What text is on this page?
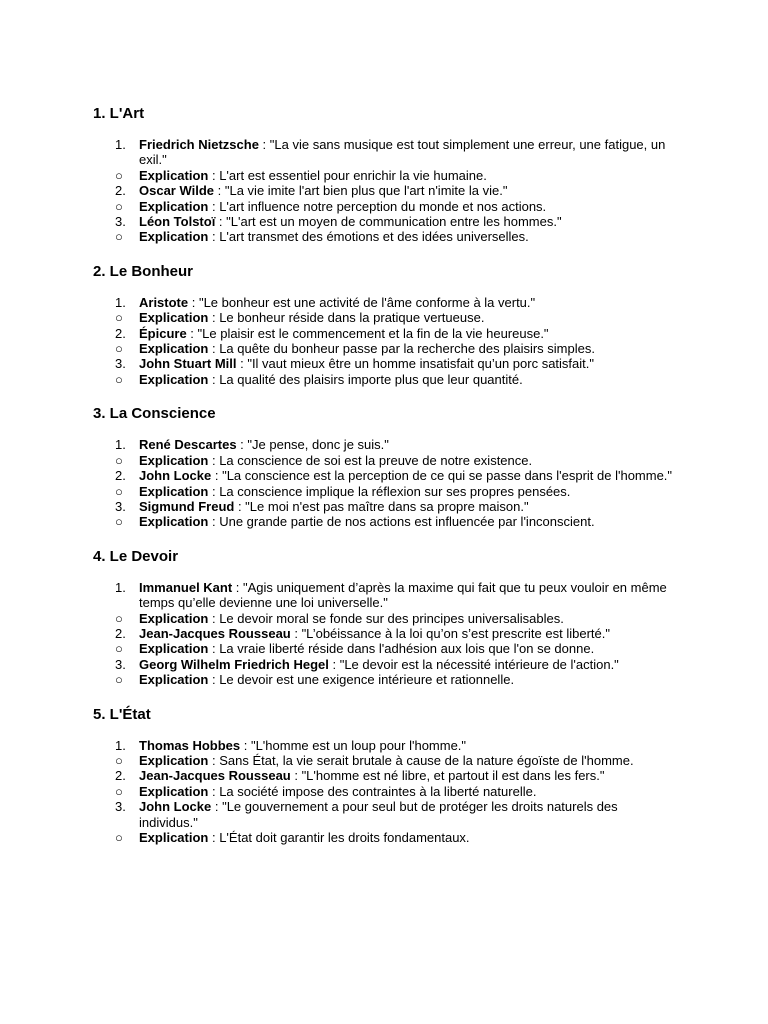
1. L'Art
1. Friedrich Nietzsche : "La vie sans musique est tout simplement une erreur, une fatigue, un exil."
○ Explication : L'art est essentiel pour enrichir la vie humaine.
2. Oscar Wilde : "La vie imite l'art bien plus que l'art n'imite la vie."
○ Explication : L'art influence notre perception du monde et nos actions.
3. Léon Tolstoï : "L'art est un moyen de communication entre les hommes."
○ Explication : L'art transmet des émotions et des idées universelles.
2. Le Bonheur
1. Aristote : "Le bonheur est une activité de l'âme conforme à la vertu."
○ Explication : Le bonheur réside dans la pratique vertueuse.
2. Épicure : "Le plaisir est le commencement et la fin de la vie heureuse."
○ Explication : La quête du bonheur passe par la recherche des plaisirs simples.
3. John Stuart Mill : "Il vaut mieux être un homme insatisfait qu’un porc satisfait."
○ Explication : La qualité des plaisirs importe plus que leur quantité.
3. La Conscience
1. René Descartes : "Je pense, donc je suis."
○ Explication : La conscience de soi est la preuve de notre existence.
2. John Locke : "La conscience est la perception de ce qui se passe dans l'esprit de l'homme."
○ Explication : La conscience implique la réflexion sur ses propres pensées.
3. Sigmund Freud : "Le moi n'est pas maître dans sa propre maison."
○ Explication : Une grande partie de nos actions est influencée par l'inconscient.
4. Le Devoir
1. Immanuel Kant : "Agis uniquement d’après la maxime qui fait que tu peux vouloir en même temps qu’elle devienne une loi universelle."
○ Explication : Le devoir moral se fonde sur des principes universalisables.
2. Jean-Jacques Rousseau : "L’obéissance à la loi qu’on s’est prescrite est liberté."
○ Explication : La vraie liberté réside dans l'adhésion aux lois que l'on se donne.
3. Georg Wilhelm Friedrich Hegel : "Le devoir est la nécessité intérieure de l'action."
○ Explication : Le devoir est une exigence intérieure et rationnelle.
5. L'État
1. Thomas Hobbes : "L'homme est un loup pour l'homme."
○ Explication : Sans État, la vie serait brutale à cause de la nature égoïste de l'homme.
2. Jean-Jacques Rousseau : "L'homme est né libre, et partout il est dans les fers."
○ Explication : La société impose des contraintes à la liberté naturelle.
3. John Locke : "Le gouvernement a pour seul but de protéger les droits naturels des individus."
○ Explication : L'État doit garantir les droits fondamentaux.
